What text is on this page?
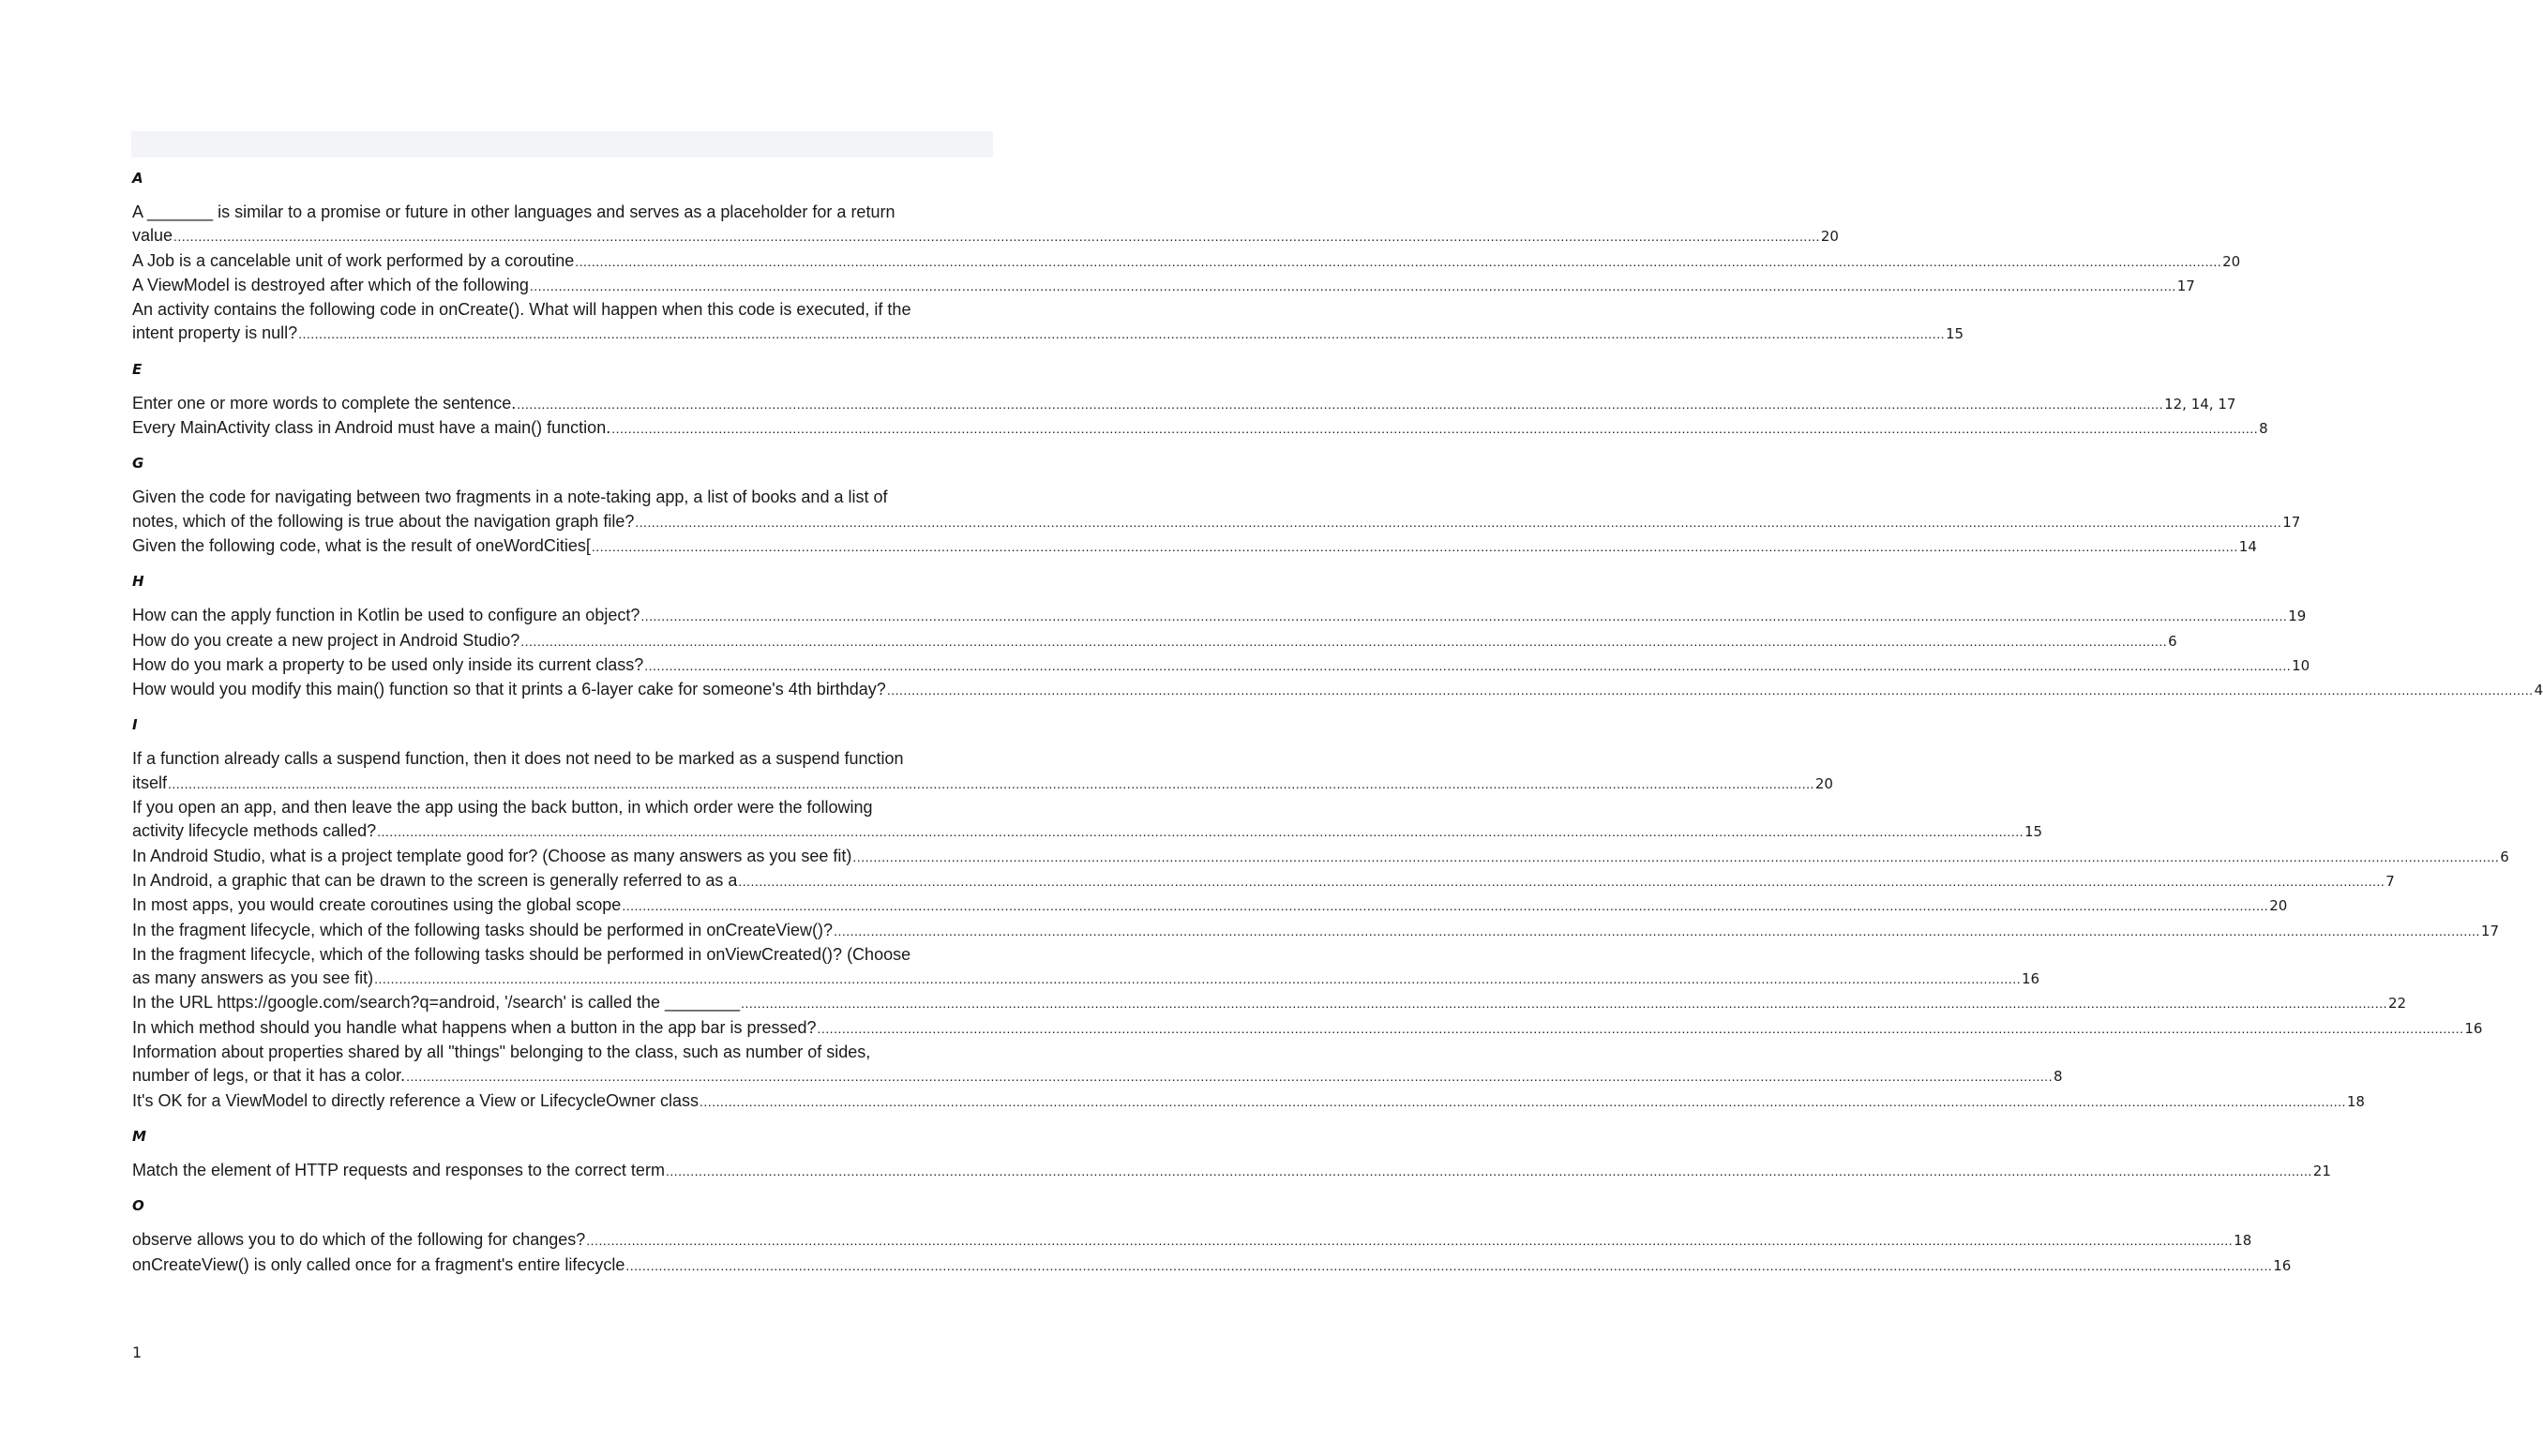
A
A _______ is similar to a promise or future in other languages and serves as a placeholder for a return
value ................................................................................................................................................................................................................................................................................................................................................................................................................ 20
A Job is a cancelable unit of work performed by a coroutine ................................................................................................................................................................................................................................................................................................................................................................................................................ 20
A ViewModel is destroyed after which of the following ................................................................................................................................................................................................................................................................................................................................................................................................................ 17
An activity contains the following code in onCreate(). What will happen when this code is executed, if the
intent property is null? ................................................................................................................................................................................................................................................................................................................................................................................................................ 15
E
Enter one or more words to complete the sentence. ................................................................................................................................................................................................................................................................................................................................................................................................................ 12, 14, 17
Every MainActivity class in Android must have a main() function. ................................................................................................................................................................................................................................................................................................................................................................................................................ 8
G
Given the code for navigating between two fragments in a note-taking app, a list of books and a list of
notes, which of the following is true about the navigation graph file? ................................................................................................................................................................................................................................................................................................................................................................................................................ 17
Given the following code, what is the result of oneWordCities[ ................................................................................................................................................................................................................................................................................................................................................................................................................ 14
H
How can the apply function in Kotlin be used to configure an object? ................................................................................................................................................................................................................................................................................................................................................................................................................ 19
How do you create a new project in Android Studio? ................................................................................................................................................................................................................................................................................................................................................................................................................ 6
How do you mark a property to be used only inside its current class? ................................................................................................................................................................................................................................................................................................................................................................................................................ 10
How would you modify this main() function so that it prints a 6-layer cake for someone's 4th birthday? ................................................................................................................................................................................................................................................................................................................................................................................................................ 4
I
If a function already calls a suspend function, then it does not need to be marked as a suspend function
itself ................................................................................................................................................................................................................................................................................................................................................................................................................ 20
If you open an app, and then leave the app using the back button, in which order were the following
activity lifecycle methods called? ................................................................................................................................................................................................................................................................................................................................................................................................................ 15
In Android Studio, what is a project template good for? (Choose as many answers as you see fit) ................................................................................................................................................................................................................................................................................................................................................................................................................ 6
In Android, a graphic that can be drawn to the screen is generally referred to as a ................................................................................................................................................................................................................................................................................................................................................................................................................ 7
In most apps, you would create coroutines using the global scope ................................................................................................................................................................................................................................................................................................................................................................................................................ 20
In the fragment lifecycle, which of the following tasks should be performed in onCreateView()? ................................................................................................................................................................................................................................................................................................................................................................................................................ 17
In the fragment lifecycle, which of the following tasks should be performed in onViewCreated()? (Choose
as many answers as you see fit) ................................................................................................................................................................................................................................................................................................................................................................................................................ 16
In the URL https://google.com/search?q=android, '/search' is called the ________ ................................................................................................................................................................................................................................................................................................................................................................................................................ 22
In which method should you handle what happens when a button in the app bar is pressed? ................................................................................................................................................................................................................................................................................................................................................................................................................ 16
Information about properties shared by all "things" belonging to the class, such as number of sides,
number of legs, or that it has a color. ................................................................................................................................................................................................................................................................................................................................................................................................................ 8
It's OK for a ViewModel to directly reference a View or LifecycleOwner class ................................................................................................................................................................................................................................................................................................................................................................................................................ 18
M
Match the element of HTTP requests and responses to the correct term ................................................................................................................................................................................................................................................................................................................................................................................................................ 21
O
observe allows you to do which of the following for changes? ................................................................................................................................................................................................................................................................................................................................................................................................................ 18
onCreateView() is only called once for a fragment's entire lifecycle ................................................................................................................................................................................................................................................................................................................................................................................................................ 16
1
